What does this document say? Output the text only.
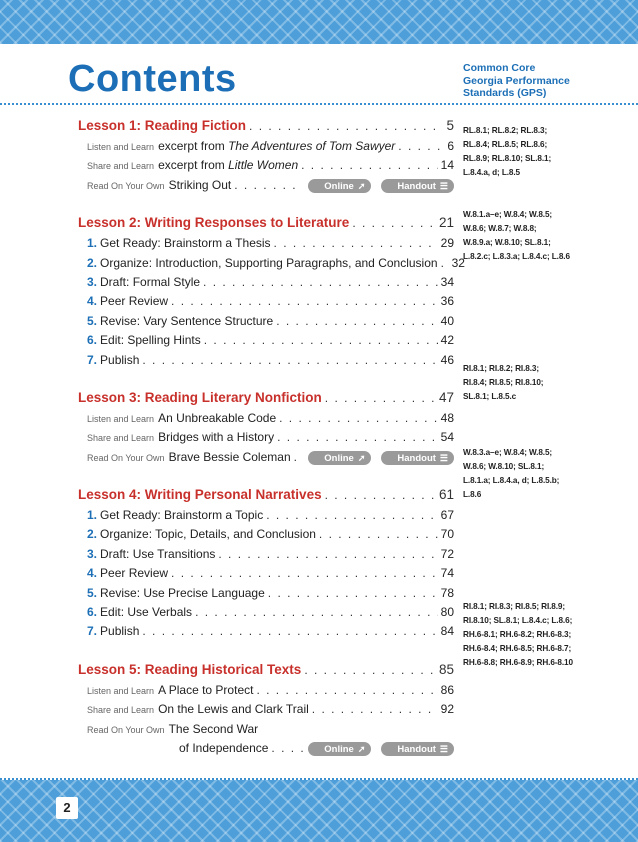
Contents	Common Core
Georgia Performance
Standards (GPS)
Lesson 1: Reading Fiction . . .	5
Listen and Learn excerpt from The Adventures of Tom Sawyer . . .	6
Share and Learn excerpt from Little Women . . .	14
Read On Your Own Striking Out . . .	Online ➚	Handout ☰
Lesson 2: Writing Responses to Literature . . .	21
1. Get Ready: Brainstorm a Thesis . . .	29
2. Organize: Introduction, Supporting Paragraphs, and Conclusion . . . 32
3. Draft: Formal Style . . .	34
4. Peer Review . . .	36
5. Revise: Vary Sentence Structure . . .	40
6. Edit: Spelling Hints . . .	42
7. Publish . . .	46
Lesson 3: Reading Literary Nonfiction . . .	47
Listen and Learn An Unbreakable Code . . .	48
Share and Learn Bridges with a History . . .	54
Read On Your Own Brave Bessie Coleman . . .	Online ➚	Handout ☰
Lesson 4: Writing Personal Narratives . . .	61
1. Get Ready: Brainstorm a Topic . . .	67
2. Organize: Topic, Details, and Conclusion . . .	70
3. Draft: Use Transitions . . .	72
4. Peer Review . . .	74
5. Revise: Use Precise Language . . .	78
6. Edit: Use Verbals . . .	80
7. Publish . . .	84
Lesson 5: Reading Historical Texts . . .	85
Listen and Learn A Place to Protect . . .	86
Share and Learn On the Lewis and Clark Trail . . .	92
Read On Your Own The Second War
of Independence . . .	Online ➚	Handout ☰
RL.8.1; RL.8.2; RL.8.3;
RL.8.4; RL.8.5; RL.8.6;
RL.8.9; RL.8.10; SL.8.1;
L.8.4.a, d; L.8.5
W.8.1.a–e; W.8.4; W.8.5;
W.8.6; W.8.7; W.8.8;
W.8.9.a; W.8.10; SL.8.1;
L.8.2.c; L.8.3.a; L.8.4.c; L.8.6
RI.8.1; RI.8.2; RI.8.3;
RI.8.4; RI.8.5; RI.8.10;
SL.8.1; L.8.5.c
W.8.3.a–e; W.8.4; W.8.5;
W.8.6; W.8.10; SL.8.1;
L.8.1.a; L.8.4.a, d; L.8.5.b;
L.8.6
RI.8.1; RI.8.3; RI.8.5; RI.8.9;
RI.8.10; SL.8.1; L.8.4.c; L.8.6;
RH.6-8.1; RH.6-8.2; RH.6-8.3;
RH.6-8.4; RH.6-8.5; RH.6-8.7;
RH.6-8.8; RH.6-8.9; RH.6-8.10
2
